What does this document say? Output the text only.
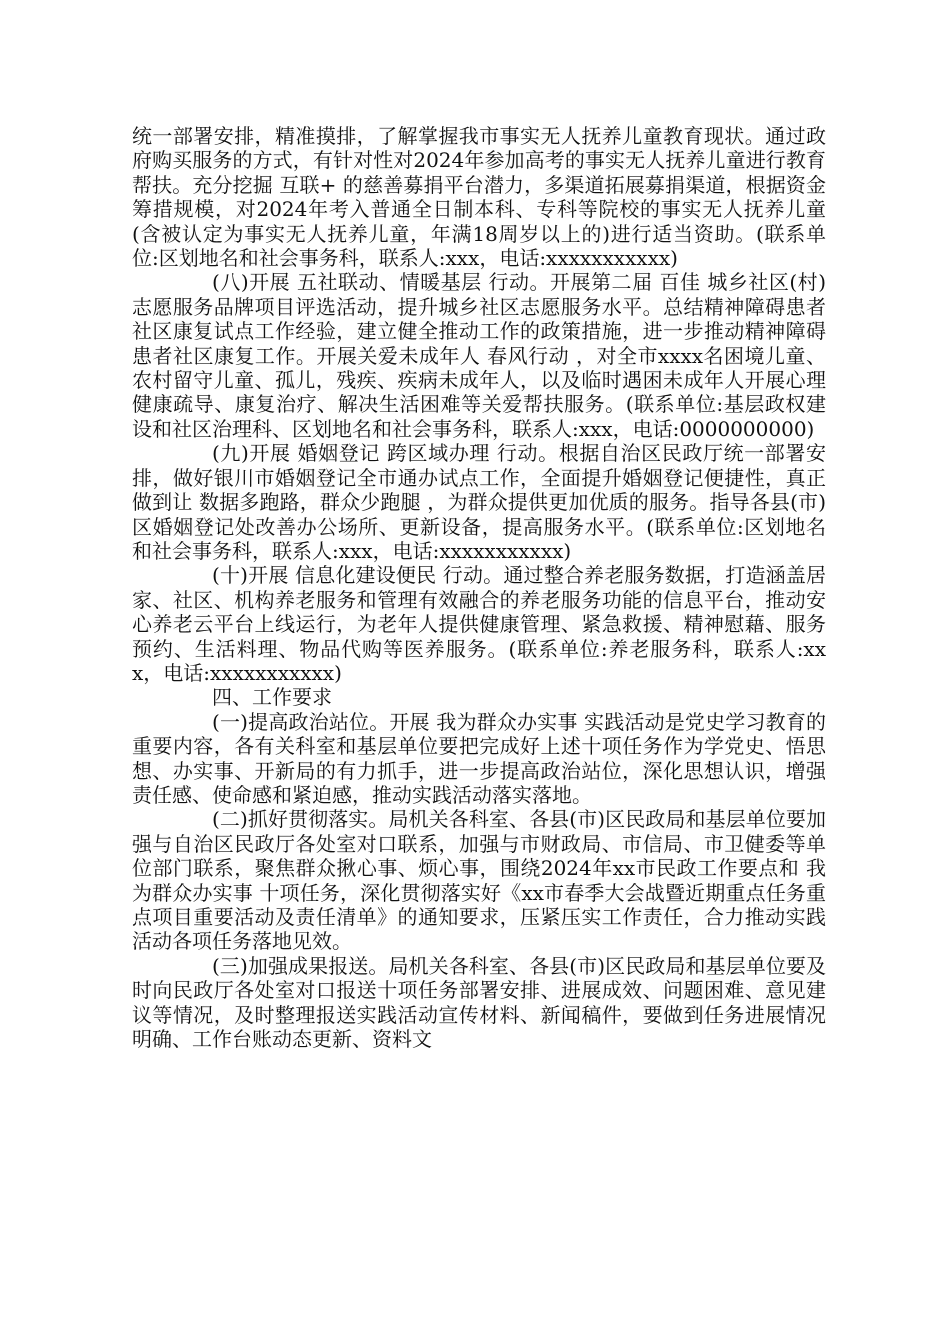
统一部署安排，精准摸排，了解掌握我市事实无人抚养儿童教育现状。通过政府购买服务的方式，有针对性对2024年参加高考的事实无人抚养儿童进行教育帮扶。充分挖掘 互联+ 的慈善募捐平台潜力，多渠道拓展募捐渠道，根据资金筹措规模，对2024年考入普通全日制本科、专科等院校的事实无人抚养儿童(含被认定为事实无人抚养儿童，年满18周岁以上的)进行适当资助。(联系单位:区划地名和社会事务科，联系人:xxx，电话:xxxxxxxxxxx)

(八)开展 五社联动、情暖基层 行动。开展第二届 百佳 城乡社区(村)志愿服务品牌项目评选活动，提升城乡社区志愿服务水平。总结精神障碍患者社区康复试点工作经验，建立健全推动工作的政策措施，进一步推动精神障碍患者社区康复工作。开展关爱未成年人 春风行动 ，对全市xxxx名困境儿童、农村留守儿童、孤儿，残疾、疾病未成年人，以及临时遇困未成年人开展心理健康疏导、康复治疗、解决生活困难等关爱帮扶服务。(联系单位:基层政权建设和社区治理科、区划地名和社会事务科，联系人:xxx，电话:0000000000)

(九)开展 婚姻登记 跨区域办理 行动。根据自治区民政厅统一部署安排，做好银川市婚姻登记全市通办试点工作，全面提升婚姻登记便捷性，真正做到让 数据多跑路，群众少跑腿 ，为群众提供更加优质的服务。指导各县(市)区婚姻登记处改善办公场所、更新设备，提高服务水平。(联系单位:区划地名和社会事务科，联系人:xxx，电话:xxxxxxxxxxx)

(十)开展 信息化建设便民 行动。通过整合养老服务数据，打造涵盖居家、社区、机构养老服务和管理有效融合的养老服务功能的信息平台，推动安心养老云平台上线运行，为老年人提供健康管理、紧急救援、精神慰藉、服务预约、生活料理、物品代购等医养服务。(联系单位:养老服务科，联系人:xxx，电话:xxxxxxxxxxx)

四、工作要求

(一)提高政治站位。开展 我为群众办实事 实践活动是党史学习教育的重要内容，各有关科室和基层单位要把完成好上述十项任务作为学党史、悟思想、办实事、开新局的有力抓手，进一步提高政治站位，深化思想认识，增强责任感、使命感和紧迫感，推动实践活动落实落地。

(二)抓好贯彻落实。局机关各科室、各县(市)区民政局和基层单位要加强与自治区民政厅各处室对口联系，加强与市财政局、市信局、市卫健委等单位部门联系，聚焦群众揪心事、烦心事，围绕2024年xx市民政工作要点和 我为群众办实事 十项任务，深化贯彻落实好《xx市春季大会战暨近期重点任务重点项目重要活动及责任清单》的通知要求，压紧压实工作责任，合力推动实践活动各项任务落地见效。

(三)加强成果报送。局机关各科室、各县(市)区民政局和基层单位要及时向民政厅各处室对口报送十项任务部署安排、进展成效、问题困难、意见建议等情况，及时整理报送实践活动宣传材料、新闻稿件，要做到任务进展情况明确、工作台账动态更新、资料文
